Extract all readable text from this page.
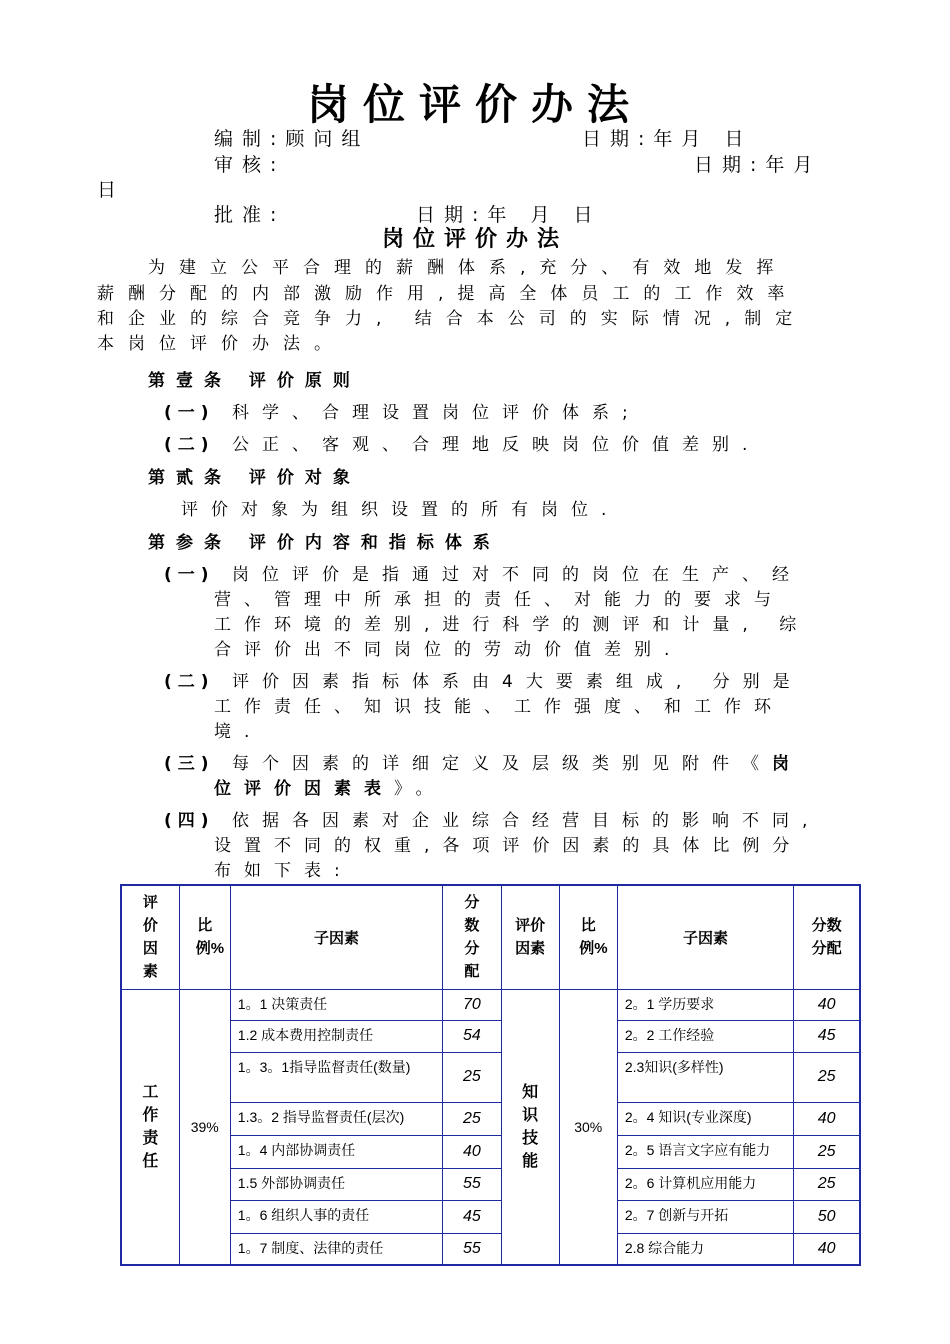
岗位评价办法
编制:顾问组	日期:年月 日
审核:	日期:年月
日
批准:	日期:年 月 日
岗位评价办法
为建立公平合理的薪酬体系,充分、有效地发挥
薪酬分配的内部激励作用,提高全体员工的工作效率
和企业的综合竞争力, 结合本公司的实际情况,制定
本岗位评价办法。
第壹条 评价原则
(一) 科学、合理设置岗位评价体系;
(二) 公正、客观、合理地反映岗位价值差别.
第贰条 评价对象
评价对象为组织设置的所有岗位.
第参条 评价内容和指标体系
(一) 岗位评价是指通过对不同的岗位在生产、经
营、管理中所承担的责任、对能力的要求与
工作环境的差别,进行科学的测评和计量, 综
合评价出不同岗位的劳动价值差别.
(二) 评价因素指标体系由4大要素组成, 分别是
工作责任、知识技能、工作强度、和工作环
境.
(三) 每个因素的详细定义及层级类别见附件《岗
位评价因素表》。
(四) 依据各因素对企业综合经营目标的影响不同,
设置不同的权重,各项评价因素的具体比例分
布如下表:
评价因素	比例%	子因素	分数分配	评价因素	比例%	子因素	分数分配

工作责任	39%	1。1 决策责任	70	知识技能	30%	2。1 学历要求	40
		1.2 成本费用控制责任	54			2。2 工作经验	45
		1。3。1指导监督责任(数量)	25			2.3知识(多样性)	25
		1.3。2 指导监督责任(层次)	25			2。4 知识(专业深度)	40
		1。4 内部协调责任	40			2。5 语言文字应有能力	25
		1.5 外部协调责任	55			2。6 计算机应用能力	25
		1。6 组织人事的责任	45			2。7 创新与开拓	50
		1。7 制度、法律的责任	55			2.8 综合能力	40
